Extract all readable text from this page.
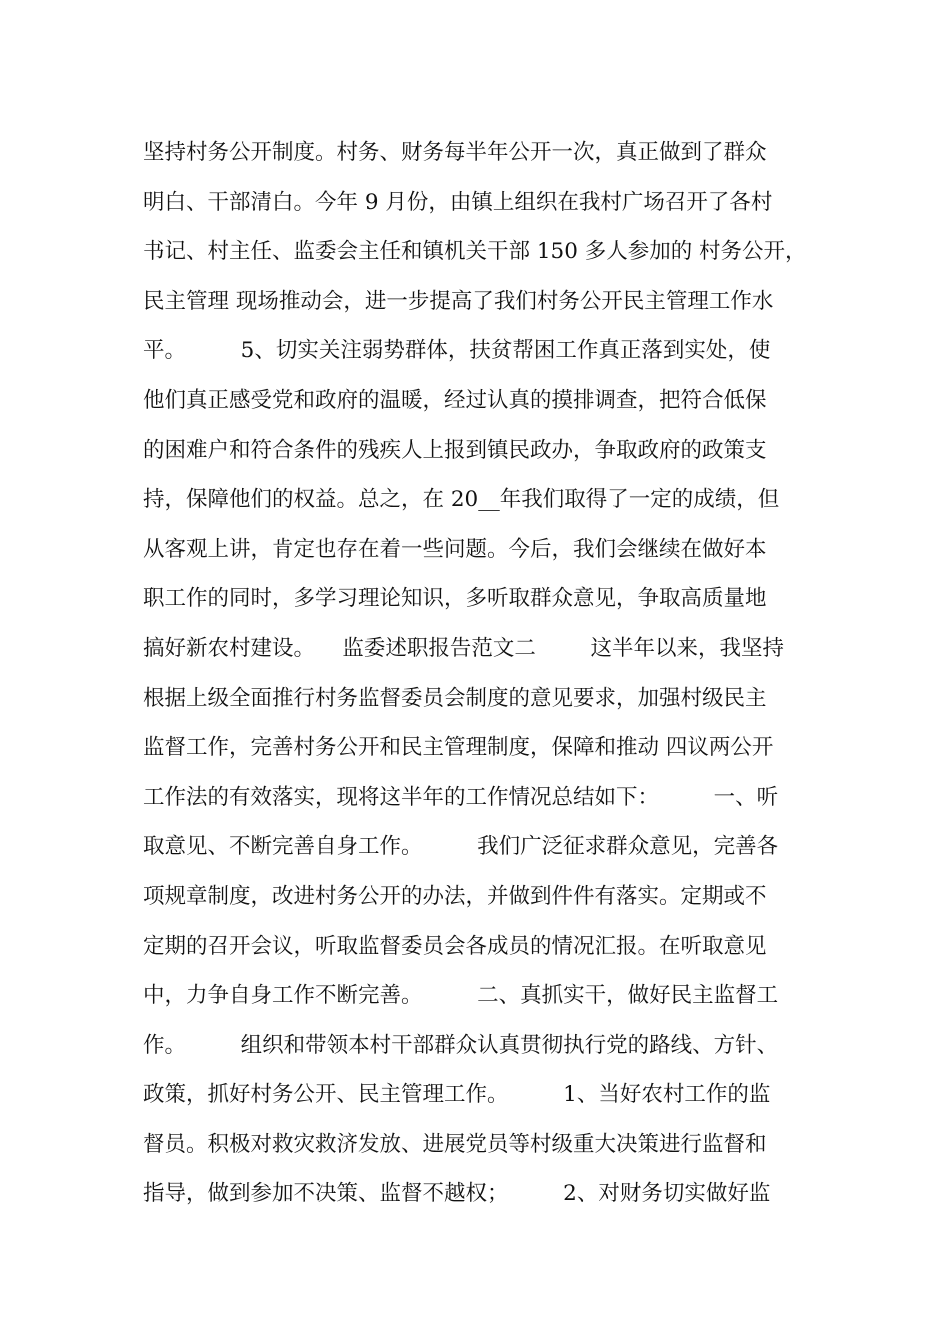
坚持村务公开制度。村务、财务每半年公开一次，真正做到了群众
明白、干部清白。今年 9 月份，由镇上组织在我村广场召开了各村
书记、村主任、监委会主任和镇机关干部 150 多人参加的 村务公开，
民主管理 现场推动会，进一步提高了我们村务公开民主管理工作水
平。        5、切实关注弱势群体，扶贫帮困工作真正落到实处，使
他们真正感受党和政府的温暖，经过认真的摸排调查，把符合低保
的困难户和符合条件的残疾人上报到镇民政办，争取政府的政策支
持，保障他们的权益。总之，在 20__年我们取得了一定的成绩，但
从客观上讲，肯定也存在着一些问题。今后，我们会继续在做好本
职工作的同时，多学习理论知识，多听取群众意见，争取高质量地
搞好新农村建设。    监委述职报告范文二        这半年以来，我坚持
根据上级全面推行村务监督委员会制度的意见要求，加强村级民主
监督工作，完善村务公开和民主管理制度，保障和推动 四议两公开
工作法的有效落实，现将这半年的工作情况总结如下：        一、听
取意见、不断完善自身工作。        我们广泛征求群众意见，完善各
项规章制度，改进村务公开的办法，并做到件件有落实。定期或不
定期的召开会议，听取监督委员会各成员的情况汇报。在听取意见
中，力争自身工作不断完善。        二、真抓实干，做好民主监督工
作。        组织和带领本村干部群众认真贯彻执行党的路线、方针、
政策，抓好村务公开、民主管理工作。        1、当好农村工作的监
督员。积极对救灾救济发放、进展党员等村级重大决策进行监督和
指导，做到参加不决策、监督不越权；        2、对财务切实做好监
